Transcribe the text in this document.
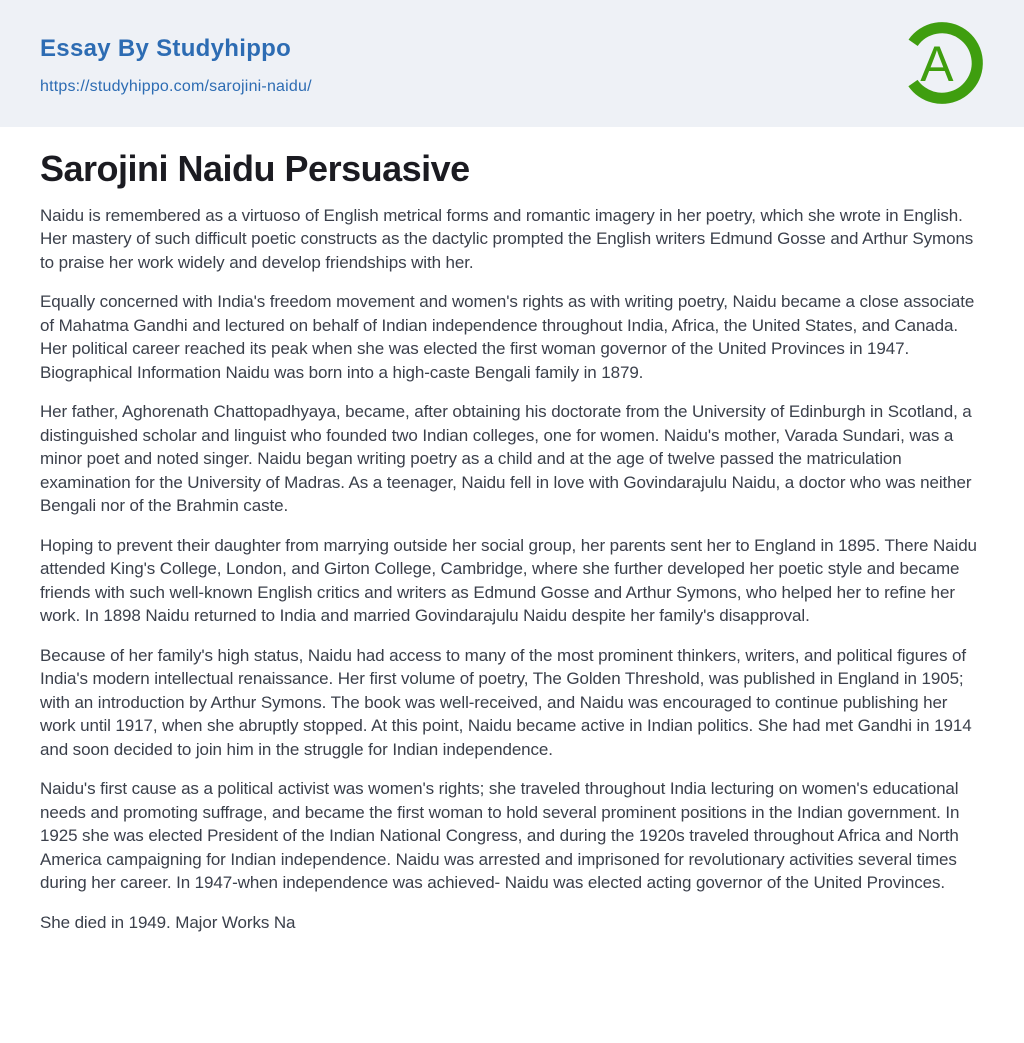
Essay By Studyhippo
https://studyhippo.com/sarojini-naidu/	A
Sarojini Naidu Persuasive

Naidu is remembered as a virtuoso of English metrical forms and romantic imagery in her poetry, which she wrote in English. Her mastery of such difficult poetic constructs as the dactylic prompted the English writers Edmund Gosse and Arthur Symons to praise her work widely and develop friendships with her.

Equally concerned with India's freedom movement and women's rights as with writing poetry, Naidu became a close associate of Mahatma Gandhi and lectured on behalf of Indian independence throughout India, Africa, the United States, and Canada. Her political career reached its peak when she was elected the first woman governor of the United Provinces in 1947. Biographical Information Naidu was born into a high-caste Bengali family in 1879.

Her father, Aghorenath Chattopadhyaya, became, after obtaining his doctorate from the University of Edinburgh in Scotland, a distinguished scholar and linguist who founded two Indian colleges, one for women. Naidu's mother, Varada Sundari, was a minor poet and noted singer. Naidu began writing poetry as a child and at the age of twelve passed the matriculation examination for the University of Madras. As a teenager, Naidu fell in love with Govindarajulu Naidu, a doctor who was neither Bengali nor of the Brahmin caste.

Hoping to prevent their daughter from marrying outside her social group, her parents sent her to England in 1895. There Naidu attended King's College, London, and Girton College, Cambridge, where she further developed her poetic style and became friends with such well-known English critics and writers as Edmund Gosse and Arthur Symons, who helped her to refine her work. In 1898 Naidu returned to India and married Govindarajulu Naidu despite her family's disapproval.

Because of her family's high status, Naidu had access to many of the most prominent thinkers, writers, and political figures of India's modern intellectual renaissance. Her first volume of poetry, The Golden Threshold, was published in England in 1905; with an introduction by Arthur Symons. The book was well-received, and Naidu was encouraged to continue publishing her work until 1917, when she abruptly stopped. At this point, Naidu became active in Indian politics. She had met Gandhi in 1914 and soon decided to join him in the struggle for Indian independence.

Naidu's first cause as a political activist was women's rights; she traveled throughout India lecturing on women's educational needs and promoting suffrage, and became the first woman to hold several prominent positions in the Indian government. In 1925 she was elected President of the Indian National Congress, and during the 1920s traveled throughout Africa and North America campaigning for Indian independence. Naidu was arrested and imprisoned for revolutionary activities several times during her career. In 1947-when independence was achieved- Naidu was elected acting governor of the United Provinces.

She died in 1949. Major Works Na
